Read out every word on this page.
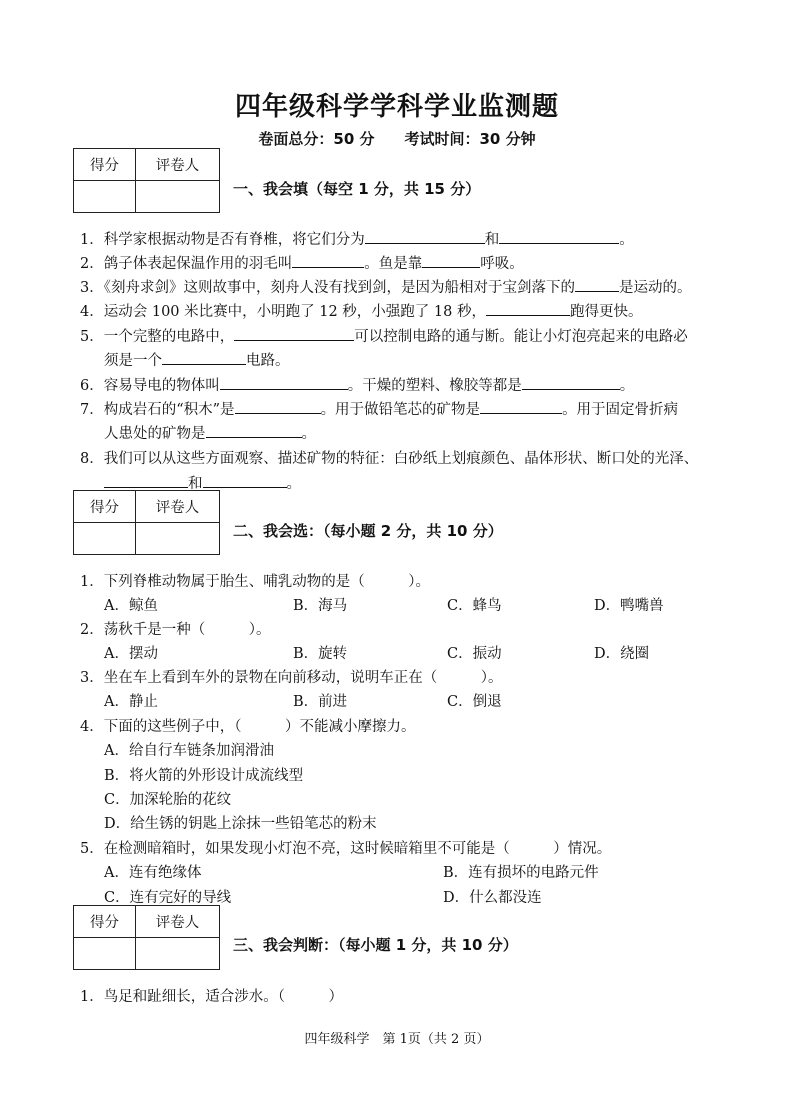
四年级科学学科学业监测题
卷面总分：50 分　　考试时间：30 分钟
得分	评卷人

一、我会填（每空 1 分，共 15 分）
1．科学家根据动物是否有脊椎，将它们分为	和	。
2．鸽子体表起保温作用的羽毛叫	。鱼是靠	呼吸。
3．《刻舟求剑》这则故事中，刻舟人没有找到剑，是因为船相对于宝剑落下的	是运动的。
4．运动会 100 米比赛中，小明跑了 12 秒，小强跑了 18 秒，	跑得更快。
5．一个完整的电路中，	可以控制电路的通与断。能让小灯泡亮起来的电路必
须是一个	电路。
6．容易导电的物体叫	。干燥的塑料、橡胶等都是	。
7．构成岩石的“积木”是	。用于做铅笔芯的矿物是	。用于固定骨折病
人患处的矿物是	。
8．我们可以从这些方面观察、描述矿物的特征：白砂纸上划痕颜色、晶体形状、断口处的光泽、
和	。
得分	评卷人

二、我会选：（每小题 2 分，共 10 分）
1．下列脊椎动物属于胎生、哺乳动物的是（　　　）。
A．鲸鱼	B．海马	C．蜂鸟	D．鸭嘴兽
2．荡秋千是一种（　　　）。
A．摆动	B．旋转	C．振动	D．绕圈
3．坐在车上看到车外的景物在向前移动，说明车正在（　　　）。
A．静止	B．前进	C．倒退
4．下面的这些例子中，（　　　）不能减小摩擦力。
A．给自行车链条加润滑油
B．将火箭的外形设计成流线型
C．加深轮胎的花纹
D．给生锈的钥匙上涂抹一些铅笔芯的粉末
5．在检测暗箱时，如果发现小灯泡不亮，这时候暗箱里不可能是（　　　）情况。
A．连有绝缘体	B．连有损坏的电路元件
C．连有完好的导线	D．什么都没连
得分	评卷人

三、我会判断：（每小题 1 分，共 10 分）
1．鸟足和趾细长，适合涉水。（　　　）
四年级科学　第 1页（共 2 页）
